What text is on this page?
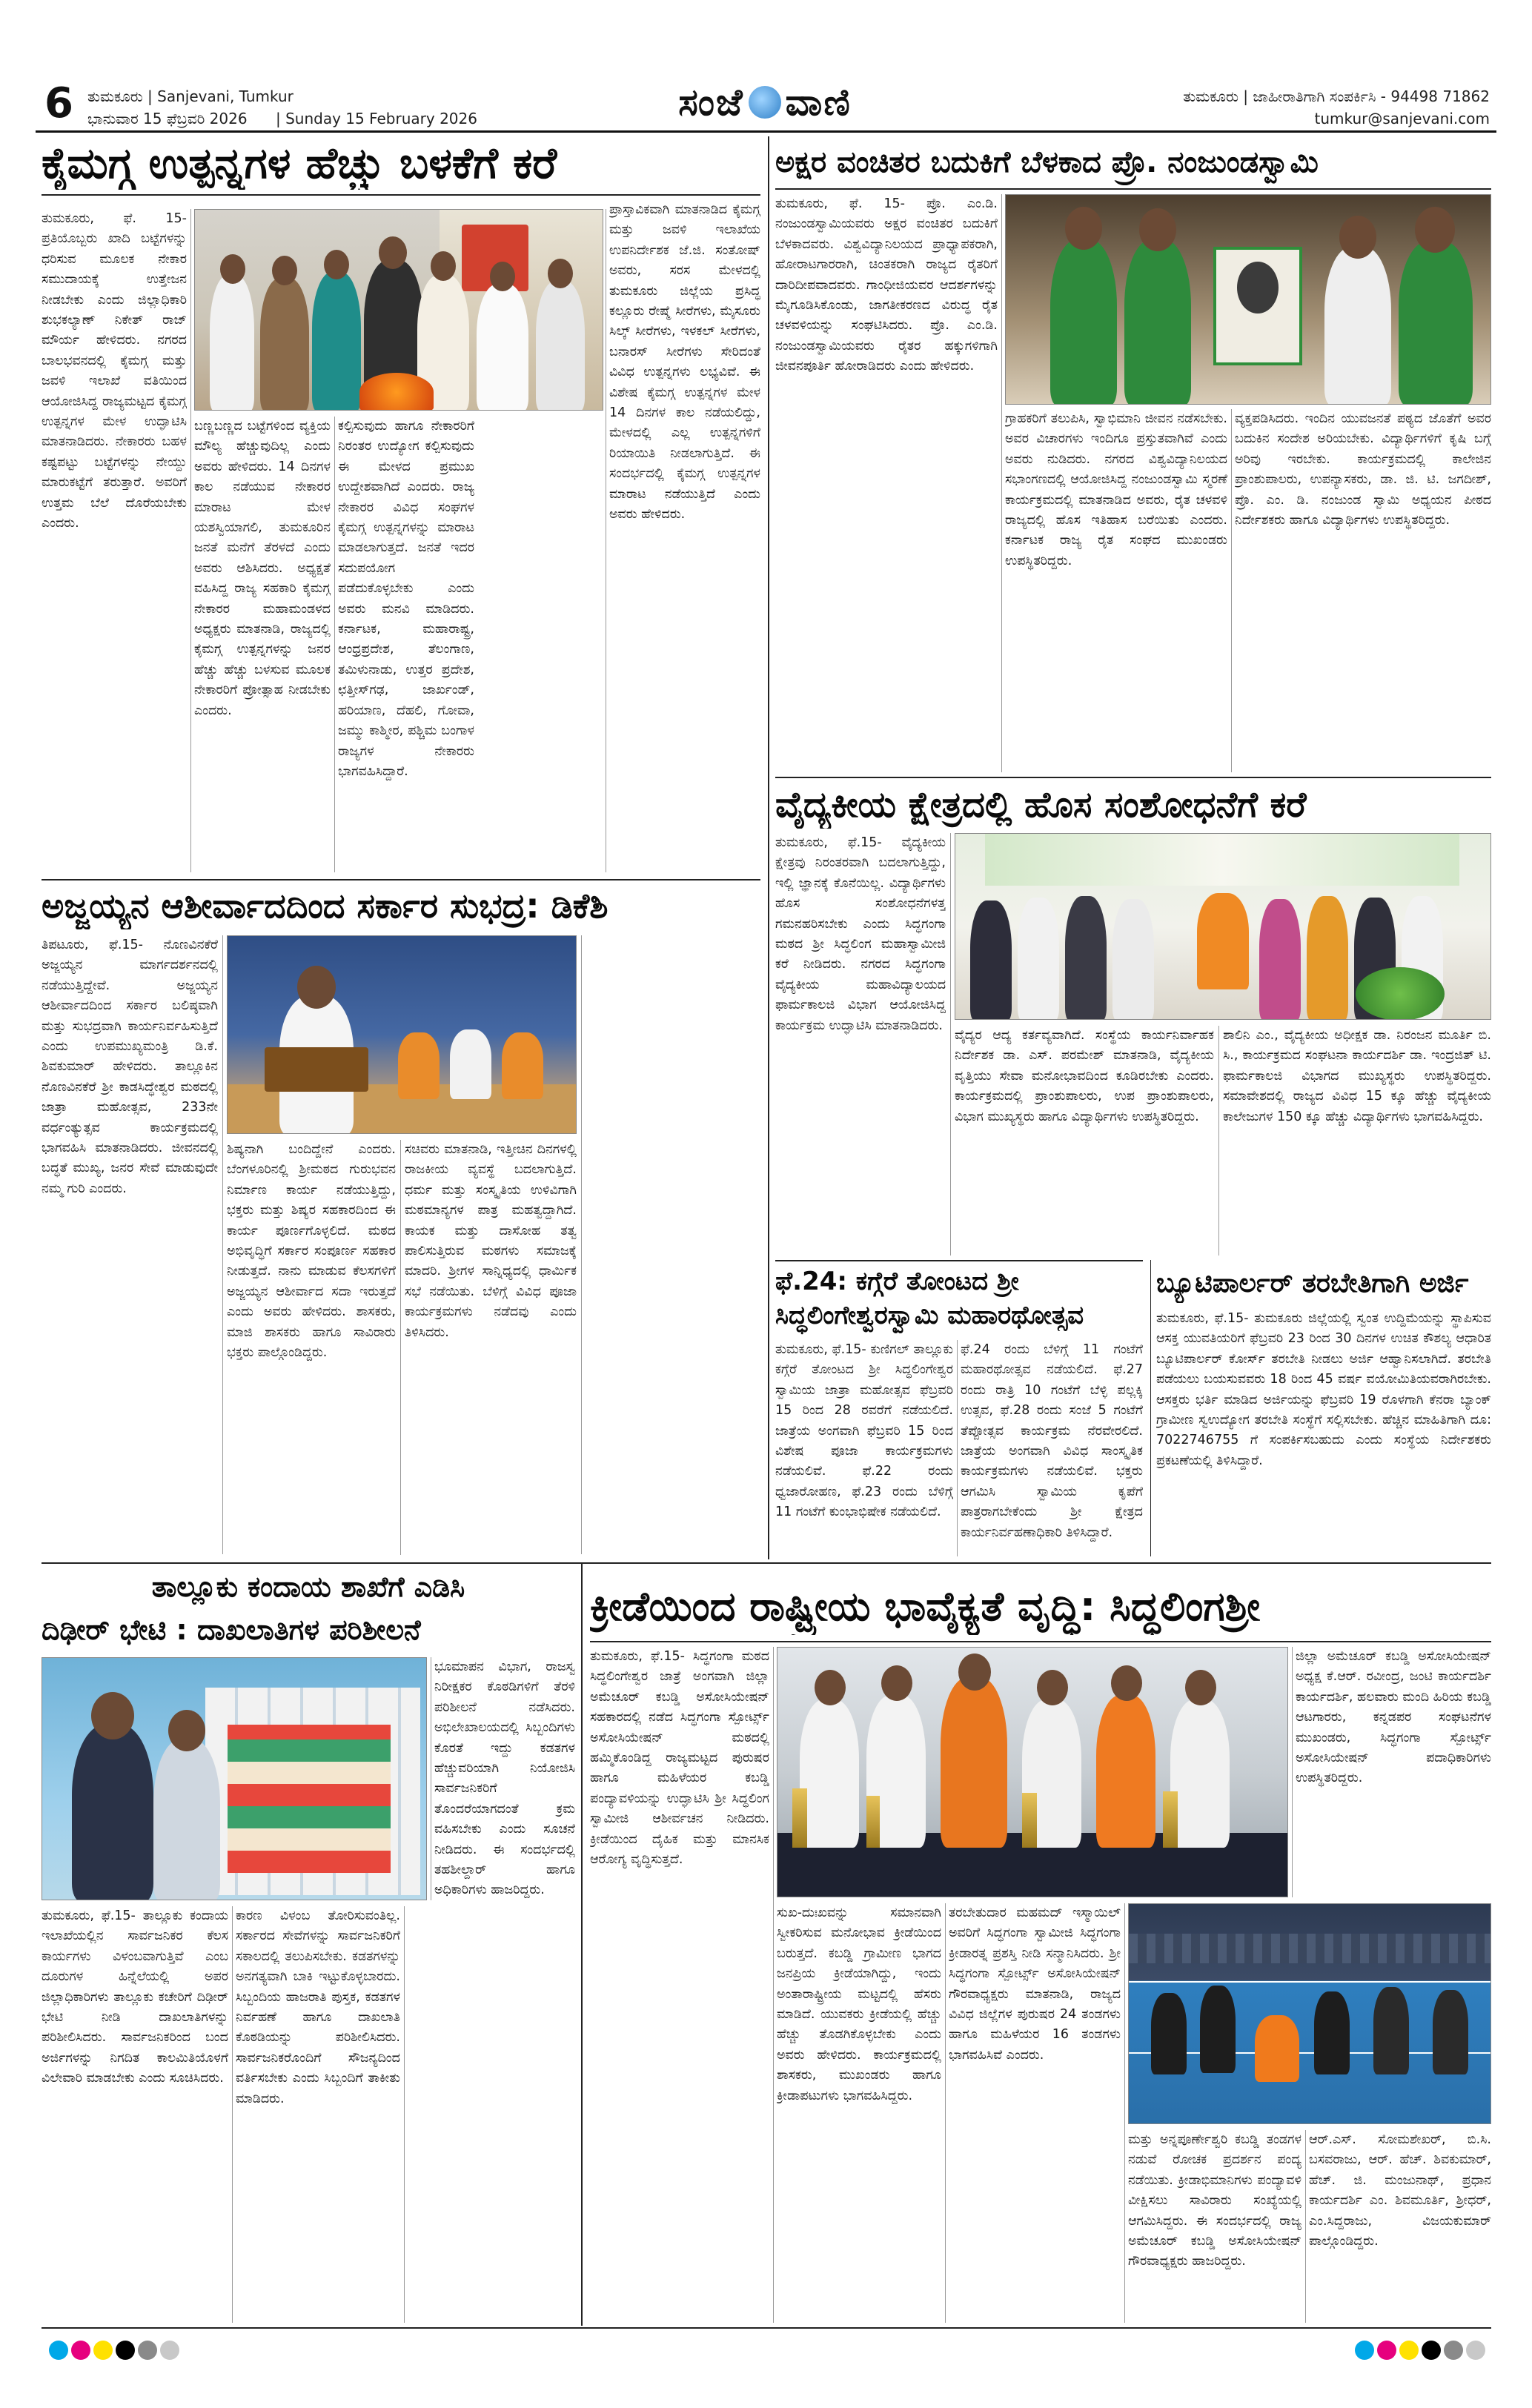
6 ತುಮಕೂರು | Sanjevani, Tumkur
ಭಾನುವಾರ 15 ಫೆಬ್ರವರಿ 2026 | Sunday 15 February 2026	ಸಂಜೆ ವಾಣಿ	ತುಮಕೂರು | ಜಾಹೀರಾತಿಗಾಗಿ ಸಂಪರ್ಕಿಸಿ - 94498 71862
tumkur@sanjevani.com
ಕೈಮಗ್ಗ ಉತ್ಪನ್ನಗಳ ಹೆಚ್ಚು ಬಳಕೆಗೆ ಕರೆ
ತುಮಕೂರು, ಫೆ. 15- ಪ್ರತಿಯೊಬ್ಬರು ಖಾದಿ ಬಟ್ಟೆಗಳನ್ನು ಧರಿಸುವ ಮೂಲಕ ನೇಕಾರ ಸಮುದಾಯಕ್ಕೆ ಉತ್ತೇಜನ ನೀಡಬೇಕು ಎಂದು ಜಿಲ್ಲಾಧಿಕಾರಿ ಶುಭಕಲ್ಯಾಣ್ ನಿಕೇತ್ ರಾಜ್ ಮೌರ್ಯ ಹೇಳಿದರು. ನಗರದ ಬಾಲಭವನದಲ್ಲಿ ಕೈಮಗ್ಗ ಮತ್ತು ಜವಳಿ ಇಲಾಖೆ ವತಿಯಿಂದ ಆಯೋಜಿಸಿದ್ದ ರಾಜ್ಯಮಟ್ಟದ ಕೈಮಗ್ಗ ಉತ್ಪನ್ನಗಳ ಮೇಳ ಉದ್ಘಾಟಿಸಿ ಮಾತನಾಡಿದರು. ನೇಕಾರರು ಬಹಳ ಕಷ್ಟಪಟ್ಟು ಬಟ್ಟೆಗಳನ್ನು ನೇಯ್ದು ಮಾರುಕಟ್ಟೆಗೆ ತರುತ್ತಾರೆ. ಅವರಿಗೆ ಉತ್ತಮ ಬೆಲೆ ದೊರೆಯಬೇಕು ಎಂದರು.
ಬಣ್ಣಬಣ್ಣದ ಬಟ್ಟೆಗಳಿಂದ ವ್ಯಕ್ತಿಯ ಮೌಲ್ಯ ಹೆಚ್ಚುವುದಿಲ್ಲ ಎಂದು ಅವರು ಹೇಳಿದರು. 14 ದಿನಗಳ ಕಾಲ ನಡೆಯುವ ನೇಕಾರರ ಮಾರಾಟ ಮೇಳ ಯಶಸ್ವಿಯಾಗಲಿ, ತುಮಕೂರಿನ ಜನತೆ ಮನೆಗೆ ತೆರಳದೆ ಎಂದು ಅವರು ಆಶಿಸಿದರು. ಅಧ್ಯಕ್ಷತೆ ವಹಿಸಿದ್ದ ರಾಜ್ಯ ಸಹಕಾರಿ ಕೈಮಗ್ಗ ನೇಕಾರರ ಮಹಾಮಂಡಳದ ಅಧ್ಯಕ್ಷರು ಮಾತನಾಡಿ, ರಾಜ್ಯದಲ್ಲಿ ಕೈಮಗ್ಗ ಉತ್ಪನ್ನಗಳನ್ನು ಜನರ ಹೆಚ್ಚು ಹೆಚ್ಚು ಬಳಸುವ ಮೂಲಕ ನೇಕಾರರಿಗೆ ಪ್ರೋತ್ಸಾಹ ನೀಡಬೇಕು ಎಂದರು.
ಕಲ್ಪಿಸುವುದು ಹಾಗೂ ನೇಕಾರರಿಗೆ ನಿರಂತರ ಉದ್ಯೋಗ ಕಲ್ಪಿಸುವುದು ಈ ಮೇಳದ ಪ್ರಮುಖ ಉದ್ದೇಶವಾಗಿದೆ ಎಂದರು. ರಾಜ್ಯ ನೇಕಾರರ ವಿವಿಧ ಸಂಘಗಳ ಕೈಮಗ್ಗ ಉತ್ಪನ್ನಗಳನ್ನು ಮಾರಾಟ ಮಾಡಲಾಗುತ್ತದೆ. ಜನತೆ ಇದರ ಸದುಪಯೋಗ ಪಡೆದುಕೊಳ್ಳಬೇಕು ಎಂದು ಅವರು ಮನವಿ ಮಾಡಿದರು. ಕರ್ನಾಟಕ, ಮಹಾರಾಷ್ಟ್ರ, ಆಂಧ್ರಪ್ರದೇಶ, ತೆಲಂಗಾಣ, ತಮಿಳುನಾಡು, ಉತ್ತರ ಪ್ರದೇಶ, ಛತ್ತೀಸ್‌ಗಢ, ಜಾರ್ಖಂಡ್, ಹರಿಯಾಣ, ದೆಹಲಿ, ಗೋವಾ, ಜಮ್ಮು ಕಾಶ್ಮೀರ, ಪಶ್ಚಿಮ ಬಂಗಾಳ ರಾಜ್ಯಗಳ ನೇಕಾರರು ಭಾಗವಹಿಸಿದ್ದಾರೆ.
ಪ್ರಾಸ್ತಾವಿಕವಾಗಿ ಮಾತನಾಡಿದ ಕೈಮಗ್ಗ ಮತ್ತು ಜವಳಿ ಇಲಾಖೆಯ ಉಪನಿರ್ದೇಶಕ ಜೆ.ಜಿ. ಸಂತೋಷ್ ಅವರು, ಸರಸ ಮೇಳದಲ್ಲಿ ತುಮಕೂರು ಜಿಲ್ಲೆಯ ಪ್ರಸಿದ್ಧ ಕಲ್ಲೂರು ರೇಷ್ಮೆ ಸೀರೆಗಳು, ಮೈಸೂರು ಸಿಲ್ಕ್ ಸೀರೆಗಳು, ಇಳಕಲ್ ಸೀರೆಗಳು, ಬನಾರಸ್ ಸೀರೆಗಳು ಸೇರಿದಂತೆ ವಿವಿಧ ಉತ್ಪನ್ನಗಳು ಲಭ್ಯವಿವೆ. ಈ ವಿಶೇಷ ಕೈಮಗ್ಗ ಉತ್ಪನ್ನಗಳ ಮೇಳ 14 ದಿನಗಳ ಕಾಲ ನಡೆಯಲಿದ್ದು, ಮೇಳದಲ್ಲಿ ಎಲ್ಲ ಉತ್ಪನ್ನಗಳಿಗೆ ರಿಯಾಯಿತಿ ನೀಡಲಾಗುತ್ತಿದೆ. ಈ ಸಂದರ್ಭದಲ್ಲಿ ಕೈಮಗ್ಗ ಉತ್ಪನ್ನಗಳ ಮಾರಾಟ ನಡೆಯುತ್ತಿದೆ ಎಂದು ಅವರು ಹೇಳಿದರು.
ಅಕ್ಷರ ವಂಚಿತರ ಬದುಕಿಗೆ ಬೆಳಕಾದ ಪ್ರೊ. ನಂಜುಂಡಸ್ವಾಮಿ
ತುಮಕೂರು, ಫೆ. 15- ಪ್ರೊ. ಎಂ.ಡಿ. ನಂಜುಂಡಸ್ವಾಮಿಯವರು ಅಕ್ಷರ ವಂಚಿತರ ಬದುಕಿಗೆ ಬೆಳಕಾದವರು. ವಿಶ್ವವಿದ್ಯಾನಿಲಯದ ಪ್ರಾಧ್ಯಾಪಕರಾಗಿ, ಹೋರಾಟಗಾರರಾಗಿ, ಚಿಂತಕರಾಗಿ ರಾಜ್ಯದ ರೈತರಿಗೆ ದಾರಿದೀಪವಾದವರು. ಗಾಂಧೀಜಿಯವರ ಆದರ್ಶಗಳನ್ನು ಮೈಗೂಡಿಸಿಕೊಂಡು, ಜಾಗತೀಕರಣದ ವಿರುದ್ಧ ರೈತ ಚಳವಳಿಯನ್ನು ಸಂಘಟಿಸಿದರು. ಪ್ರೊ. ಎಂ.ಡಿ. ನಂಜುಂಡಸ್ವಾಮಿಯವರು ರೈತರ ಹಕ್ಕುಗಳಿಗಾಗಿ ಜೀವನಪೂರ್ತಿ ಹೋರಾಡಿದರು ಎಂದು ಹೇಳಿದರು.
ಗ್ರಾಹಕರಿಗೆ ತಲುಪಿಸಿ, ಸ್ವಾಭಿಮಾನಿ ಜೀವನ ನಡೆಸಬೇಕು. ಅವರ ವಿಚಾರಗಳು ಇಂದಿಗೂ ಪ್ರಸ್ತುತವಾಗಿವೆ ಎಂದು ಅವರು ನುಡಿದರು. ನಗರದ ವಿಶ್ವವಿದ್ಯಾನಿಲಯದ ಸಭಾಂಗಣದಲ್ಲಿ ಆಯೋಜಿಸಿದ್ದ ನಂಜುಂಡಸ್ವಾಮಿ ಸ್ಮರಣೆ ಕಾರ್ಯಕ್ರಮದಲ್ಲಿ ಮಾತನಾಡಿದ ಅವರು, ರೈತ ಚಳವಳಿ ರಾಜ್ಯದಲ್ಲಿ ಹೊಸ ಇತಿಹಾಸ ಬರೆಯಿತು ಎಂದರು. ಕರ್ನಾಟಕ ರಾಜ್ಯ ರೈತ ಸಂಘದ ಮುಖಂಡರು ಉಪಸ್ಥಿತರಿದ್ದರು.
ವ್ಯಕ್ತಪಡಿಸಿದರು. ಇಂದಿನ ಯುವಜನತೆ ಪಠ್ಯದ ಜೊತೆಗೆ ಅವರ ಬದುಕಿನ ಸಂದೇಶ ಅರಿಯಬೇಕು. ವಿದ್ಯಾರ್ಥಿಗಳಿಗೆ ಕೃಷಿ ಬಗ್ಗೆ ಅರಿವು ಇರಬೇಕು. ಕಾರ್ಯಕ್ರಮದಲ್ಲಿ ಕಾಲೇಜಿನ ಪ್ರಾಂಶುಪಾಲರು, ಉಪನ್ಯಾಸಕರು, ಡಾ. ಜಿ. ಟಿ. ಜಗದೀಶ್, ಪ್ರೊ. ಎಂ. ಡಿ. ನಂಜುಂಡ ಸ್ವಾಮಿ ಅಧ್ಯಯನ ಪೀಠದ ನಿರ್ದೇಶಕರು ಹಾಗೂ ವಿದ್ಯಾರ್ಥಿಗಳು ಉಪಸ್ಥಿತರಿದ್ದರು.
ವೈದ್ಯಕೀಯ ಕ್ಷೇತ್ರದಲ್ಲಿ ಹೊಸ ಸಂಶೋಧನೆಗೆ ಕರೆ
ತುಮಕೂರು, ಫೆ.15- ವೈದ್ಯಕೀಯ ಕ್ಷೇತ್ರವು ನಿರಂತರವಾಗಿ ಬದಲಾಗುತ್ತಿದ್ದು, ಇಲ್ಲಿ ಜ್ಞಾನಕ್ಕೆ ಕೊನೆಯಿಲ್ಲ. ವಿದ್ಯಾರ್ಥಿಗಳು ಹೊಸ ಸಂಶೋಧನೆಗಳತ್ತ ಗಮನಹರಿಸಬೇಕು ಎಂದು ಸಿದ್ಧಗಂಗಾ ಮಠದ ಶ್ರೀ ಸಿದ್ಧಲಿಂಗ ಮಹಾಸ್ವಾಮೀಜಿ ಕರೆ ನೀಡಿದರು. ನಗರದ ಸಿದ್ಧಗಂಗಾ ವೈದ್ಯಕೀಯ ಮಹಾವಿದ್ಯಾಲಯದ ಫಾರ್ಮಕಾಲಜಿ ವಿಭಾಗ ಆಯೋಜಿಸಿದ್ದ ಕಾರ್ಯಕ್ರಮ ಉದ್ಘಾಟಿಸಿ ಮಾತನಾಡಿದರು.
ವೈದ್ಯರ ಆದ್ಯ ಕರ್ತವ್ಯವಾಗಿದೆ. ಸಂಸ್ಥೆಯ ಕಾರ್ಯನಿರ್ವಾಹಕ ನಿರ್ದೇಶಕ ಡಾ. ಎಸ್. ಪರಮೇಶ್ ಮಾತನಾಡಿ, ವೈದ್ಯಕೀಯ ವೃತ್ತಿಯು ಸೇವಾ ಮನೋಭಾವದಿಂದ ಕೂಡಿರಬೇಕು ಎಂದರು. ಕಾರ್ಯಕ್ರಮದಲ್ಲಿ ಪ್ರಾಂಶುಪಾಲರು, ಉಪ ಪ್ರಾಂಶುಪಾಲರು, ವಿಭಾಗ ಮುಖ್ಯಸ್ಥರು ಹಾಗೂ ವಿದ್ಯಾರ್ಥಿಗಳು ಉಪಸ್ಥಿತರಿದ್ದರು.
ಶಾಲಿನಿ ಎಂ., ವೈದ್ಯಕೀಯ ಅಧೀಕ್ಷಕ ಡಾ. ನಿರಂಜನ ಮೂರ್ತಿ ಬಿ. ಸಿ., ಕಾರ್ಯಕ್ರಮದ ಸಂಘಟನಾ ಕಾರ್ಯದರ್ಶಿ ಡಾ. ಇಂದ್ರಜಿತ್ ಟಿ. ಫಾರ್ಮಕಾಲಜಿ ವಿಭಾಗದ ಮುಖ್ಯಸ್ಥರು ಉಪಸ್ಥಿತರಿದ್ದರು. ಸಮಾವೇಶದಲ್ಲಿ ರಾಜ್ಯದ ವಿವಿಧ 15 ಕ್ಕೂ ಹೆಚ್ಚು ವೈದ್ಯಕೀಯ ಕಾಲೇಜುಗಳ 150 ಕ್ಕೂ ಹೆಚ್ಚು ವಿದ್ಯಾರ್ಥಿಗಳು ಭಾಗವಹಿಸಿದ್ದರು.
ಅಜ್ಜಯ್ಯನ ಆಶೀರ್ವಾದದಿಂದ ಸರ್ಕಾರ ಸುಭದ್ರ: ಡಿಕೆಶಿ
ತಿಪಟೂರು, ಫೆ.15- ನೊಣವಿನಕೆರೆ ಅಜ್ಜಯ್ಯನ ಮಾರ್ಗದರ್ಶನದಲ್ಲಿ ನಡೆಯುತ್ತಿದ್ದೇವೆ. ಅಜ್ಜಯ್ಯನ ಆಶೀರ್ವಾದದಿಂದ ಸರ್ಕಾರ ಬಲಿಷ್ಠವಾಗಿ ಮತ್ತು ಸುಭದ್ರವಾಗಿ ಕಾರ್ಯನಿರ್ವಹಿಸುತ್ತಿದೆ ಎಂದು ಉಪಮುಖ್ಯಮಂತ್ರಿ ಡಿ.ಕೆ. ಶಿವಕುಮಾರ್ ಹೇಳಿದರು. ತಾಲ್ಲೂಕಿನ ನೊಣವಿನಕೆರೆ ಶ್ರೀ ಕಾಡಸಿದ್ಧೇಶ್ವರ ಮಠದಲ್ಲಿ ಜಾತ್ರಾ ಮಹೋತ್ಸವ, 233ನೇ ವರ್ಧಂತ್ಯುತ್ಸವ ಕಾರ್ಯಕ್ರಮದಲ್ಲಿ ಭಾಗವಹಿಸಿ ಮಾತನಾಡಿದರು. ಜೀವನದಲ್ಲಿ ಬದ್ಧತೆ ಮುಖ್ಯ, ಜನರ ಸೇವೆ ಮಾಡುವುದೇ ನಮ್ಮ ಗುರಿ ಎಂದರು.
ಶಿಷ್ಯನಾಗಿ ಬಂದಿದ್ದೇನೆ ಎಂದರು. ಬೆಂಗಳೂರಿನಲ್ಲಿ ಶ್ರೀಮಠದ ಗುರುಭವನ ನಿರ್ಮಾಣ ಕಾರ್ಯ ನಡೆಯುತ್ತಿದ್ದು, ಭಕ್ತರು ಮತ್ತು ಶಿಷ್ಯರ ಸಹಕಾರದಿಂದ ಈ ಕಾರ್ಯ ಪೂರ್ಣಗೊಳ್ಳಲಿದೆ. ಮಠದ ಅಭಿವೃದ್ಧಿಗೆ ಸರ್ಕಾರ ಸಂಪೂರ್ಣ ಸಹಕಾರ ನೀಡುತ್ತದೆ. ನಾನು ಮಾಡುವ ಕೆಲಸಗಳಿಗೆ ಅಜ್ಜಯ್ಯನ ಆಶೀರ್ವಾದ ಸದಾ ಇರುತ್ತದೆ ಎಂದು ಅವರು ಹೇಳಿದರು. ಶಾಸಕರು, ಮಾಜಿ ಶಾಸಕರು ಹಾಗೂ ಸಾವಿರಾರು ಭಕ್ತರು ಪಾಲ್ಗೊಂಡಿದ್ದರು.
ಸಚಿವರು ಮಾತನಾಡಿ, ಇತ್ತೀಚಿನ ದಿನಗಳಲ್ಲಿ ರಾಜಕೀಯ ವ್ಯವಸ್ಥೆ ಬದಲಾಗುತ್ತಿದೆ. ಧರ್ಮ ಮತ್ತು ಸಂಸ್ಕೃತಿಯ ಉಳಿವಿಗಾಗಿ ಮಠಮಾನ್ಯಗಳ ಪಾತ್ರ ಮಹತ್ವದ್ದಾಗಿದೆ. ಕಾಯಕ ಮತ್ತು ದಾಸೋಹ ತತ್ವ ಪಾಲಿಸುತ್ತಿರುವ ಮಠಗಳು ಸಮಾಜಕ್ಕೆ ಮಾದರಿ. ಶ್ರೀಗಳ ಸಾನ್ನಿಧ್ಯದಲ್ಲಿ ಧಾರ್ಮಿಕ ಸಭೆ ನಡೆಯಿತು. ಬೆಳಿಗ್ಗೆ ವಿವಿಧ ಪೂಜಾ ಕಾರ್ಯಕ್ರಮಗಳು ನಡೆದವು ಎಂದು ತಿಳಿಸಿದರು.
ಫೆ.24: ಕಗ್ಗೆರೆ ತೋಂಟದ ಶ್ರೀ ಸಿದ್ಧಲಿಂಗೇಶ್ವರಸ್ವಾಮಿ ಮಹಾರಥೋತ್ಸವ
ತುಮಕೂರು, ಫೆ.15- ಕುಣಿಗಲ್ ತಾಲ್ಲೂಕು ಕಗ್ಗೆರೆ ತೋಂಟದ ಶ್ರೀ ಸಿದ್ಧಲಿಂಗೇಶ್ವರ ಸ್ವಾಮಿಯ ಜಾತ್ರಾ ಮಹೋತ್ಸವ ಫೆಬ್ರವರಿ 15 ರಿಂದ 28 ರವರೆಗೆ ನಡೆಯಲಿದೆ. ಜಾತ್ರೆಯ ಅಂಗವಾಗಿ ಫೆಬ್ರವರಿ 15 ರಿಂದ ವಿಶೇಷ ಪೂಜಾ ಕಾರ್ಯಕ್ರಮಗಳು ನಡೆಯಲಿವೆ. ಫೆ.22 ರಂದು ಧ್ವಜಾರೋಹಣ, ಫೆ.23 ರಂದು ಬೆಳಿಗ್ಗೆ 11 ಗಂಟೆಗೆ ಕುಂಭಾಭಿಷೇಕ ನಡೆಯಲಿದೆ.
ಫೆ.24 ರಂದು ಬೆಳಿಗ್ಗೆ 11 ಗಂಟೆಗೆ ಮಹಾರಥೋತ್ಸವ ನಡೆಯಲಿದೆ. ಫೆ.27 ರಂದು ರಾತ್ರಿ 10 ಗಂಟೆಗೆ ಬೆಳ್ಳಿ ಪಲ್ಲಕ್ಕಿ ಉತ್ಸವ, ಫೆ.28 ರಂದು ಸಂಜೆ 5 ಗಂಟೆಗೆ ತೆಪ್ಪೋತ್ಸವ ಕಾರ್ಯಕ್ರಮ ನೆರವೇರಲಿದೆ. ಜಾತ್ರೆಯ ಅಂಗವಾಗಿ ವಿವಿಧ ಸಾಂಸ್ಕೃತಿಕ ಕಾರ್ಯಕ್ರಮಗಳು ನಡೆಯಲಿವೆ. ಭಕ್ತರು ಆಗಮಿಸಿ ಸ್ವಾಮಿಯ ಕೃಪೆಗೆ ಪಾತ್ರರಾಗಬೇಕೆಂದು ಶ್ರೀ ಕ್ಷೇತ್ರದ ಕಾರ್ಯನಿರ್ವಹಣಾಧಿಕಾರಿ ತಿಳಿಸಿದ್ದಾರೆ.
ಬ್ಯೂಟಿಪಾರ್ಲರ್ ತರಬೇತಿಗಾಗಿ ಅರ್ಜಿ
ತುಮಕೂರು, ಫೆ.15- ತುಮಕೂರು ಜಿಲ್ಲೆಯಲ್ಲಿ ಸ್ವಂತ ಉದ್ದಿಮೆಯನ್ನು ಸ್ಥಾಪಿಸುವ ಆಸಕ್ತ ಯುವತಿಯರಿಗೆ ಫೆಬ್ರವರಿ 23 ರಿಂದ 30 ದಿನಗಳ ಉಚಿತ ಕೌಶಲ್ಯ ಆಧಾರಿತ ಬ್ಯೂಟಿಪಾರ್ಲರ್ ಕೋರ್ಸ್ ತರಬೇತಿ ನೀಡಲು ಅರ್ಜಿ ಆಹ್ವಾನಿಸಲಾಗಿದೆ. ತರಬೇತಿ ಪಡೆಯಲು ಬಯಸುವವರು 18 ರಿಂದ 45 ವರ್ಷ ವಯೋಮಿತಿಯವರಾಗಿರಬೇಕು. ಆಸಕ್ತರು ಭರ್ತಿ ಮಾಡಿದ ಅರ್ಜಿಯನ್ನು ಫೆಬ್ರವರಿ 19 ರೊಳಗಾಗಿ ಕೆನರಾ ಬ್ಯಾಂಕ್ ಗ್ರಾಮೀಣ ಸ್ವಉದ್ಯೋಗ ತರಬೇತಿ ಸಂಸ್ಥೆಗೆ ಸಲ್ಲಿಸಬೇಕು. ಹೆಚ್ಚಿನ ಮಾಹಿತಿಗಾಗಿ ದೂ: 7022746755 ಗೆ ಸಂಪರ್ಕಿಸಬಹುದು ಎಂದು ಸಂಸ್ಥೆಯ ನಿರ್ದೇಶಕರು ಪ್ರಕಟಣೆಯಲ್ಲಿ ತಿಳಿಸಿದ್ದಾರೆ.
ತಾಲ್ಲೂಕು ಕಂದಾಯ ಶಾಖೆಗೆ ಎಡಿಸಿ
ದಿಢೀರ್ ಭೇಟಿ : ದಾಖಲಾತಿಗಳ ಪರಿಶೀಲನೆ
ಭೂಮಾಪನ ವಿಭಾಗ, ರಾಜಸ್ವ ನಿರೀಕ್ಷಕರ ಕೊಠಡಿಗಳಿಗೆ ತೆರಳಿ ಪರಿಶೀಲನೆ ನಡೆಸಿದರು. ಅಭಿಲೇಖಾಲಯದಲ್ಲಿ ಸಿಬ್ಬಂದಿಗಳು ಕೊರತೆ ಇದ್ದು ಕಡತಗಳ ಹೆಚ್ಚುವರಿಯಾಗಿ ನಿಯೋಜಿಸಿ ಸಾರ್ವಜನಿಕರಿಗೆ ತೊಂದರೆಯಾಗದಂತೆ ಕ್ರಮ ವಹಿಸಬೇಕು ಎಂದು ಸೂಚನೆ ನೀಡಿದರು. ಈ ಸಂದರ್ಭದಲ್ಲಿ ತಹಶೀಲ್ದಾರ್ ಹಾಗೂ ಅಧಿಕಾರಿಗಳು ಹಾಜರಿದ್ದರು.
ತುಮಕೂರು, ಫೆ.15- ತಾಲ್ಲೂಕು ಕಂದಾಯ ಇಲಾಖೆಯಲ್ಲಿನ ಸಾರ್ವಜನಿಕರ ಕೆಲಸ ಕಾರ್ಯಗಳು ವಿಳಂಬವಾಗುತ್ತಿವೆ ಎಂಬ ದೂರುಗಳ ಹಿನ್ನೆಲೆಯಲ್ಲಿ ಅಪರ ಜಿಲ್ಲಾಧಿಕಾರಿಗಳು ತಾಲ್ಲೂಕು ಕಚೇರಿಗೆ ದಿಢೀರ್ ಭೇಟಿ ನೀಡಿ ದಾಖಲಾತಿಗಳನ್ನು ಪರಿಶೀಲಿಸಿದರು. ಸಾರ್ವಜನಿಕರಿಂದ ಬಂದ ಅರ್ಜಿಗಳನ್ನು ನಿಗದಿತ ಕಾಲಮಿತಿಯೊಳಗೆ ವಿಲೇವಾರಿ ಮಾಡಬೇಕು ಎಂದು ಸೂಚಿಸಿದರು.
ಕಾರಣ ವಿಳಂಬ ತೋರಿಸುವಂತಿಲ್ಲ. ಸರ್ಕಾರದ ಸೇವೆಗಳನ್ನು ಸಾರ್ವಜನಿಕರಿಗೆ ಸಕಾಲದಲ್ಲಿ ತಲುಪಿಸಬೇಕು. ಕಡತಗಳನ್ನು ಅನಗತ್ಯವಾಗಿ ಬಾಕಿ ಇಟ್ಟುಕೊಳ್ಳಬಾರದು. ಸಿಬ್ಬಂದಿಯ ಹಾಜರಾತಿ ಪುಸ್ತಕ, ಕಡತಗಳ ನಿರ್ವಹಣೆ ಹಾಗೂ ದಾಖಲಾತಿ ಕೊಠಡಿಯನ್ನು ಪರಿಶೀಲಿಸಿದರು. ಸಾರ್ವಜನಿಕರೊಂದಿಗೆ ಸೌಜನ್ಯದಿಂದ ವರ್ತಿಸಬೇಕು ಎಂದು ಸಿಬ್ಬಂದಿಗೆ ತಾಕೀತು ಮಾಡಿದರು.
ಕ್ರೀಡೆಯಿಂದ ರಾಷ್ಟ್ರೀಯ ಭಾವೈಕ್ಯತೆ ವೃದ್ಧಿ: ಸಿದ್ಧಲಿಂಗಶ್ರೀ
ತುಮಕೂರು, ಫೆ.15- ಸಿದ್ಧಗಂಗಾ ಮಠದ ಸಿದ್ಧಲಿಂಗೇಶ್ವರ ಜಾತ್ರೆ ಅಂಗವಾಗಿ ಜಿಲ್ಲಾ ಅಮೆಚೂರ್ ಕಬಡ್ಡಿ ಅಸೋಸಿಯೇಷನ್ ಸಹಕಾರದಲ್ಲಿ ನಡೆದ ಸಿದ್ಧಗಂಗಾ ಸ್ಪೋರ್ಟ್ಸ್ ಅಸೋಸಿಯೇಷನ್ ಮಠದಲ್ಲಿ ಹಮ್ಮಿಕೊಂಡಿದ್ದ ರಾಜ್ಯಮಟ್ಟದ ಪುರುಷರ ಹಾಗೂ ಮಹಿಳೆಯರ ಕಬಡ್ಡಿ ಪಂದ್ಯಾವಳಿಯನ್ನು ಉದ್ಘಾಟಿಸಿ ಶ್ರೀ ಸಿದ್ಧಲಿಂಗ ಸ್ವಾಮೀಜಿ ಆಶೀರ್ವಚನ ನೀಡಿದರು. ಕ್ರೀಡೆಯಿಂದ ದೈಹಿಕ ಮತ್ತು ಮಾನಸಿಕ ಆರೋಗ್ಯ ವೃದ್ಧಿಸುತ್ತದೆ.
ಜಿಲ್ಲಾ ಅಮೆಚೂರ್ ಕಬಡ್ಡಿ ಅಸೋಸಿಯೇಷನ್ ಅಧ್ಯಕ್ಷ ಕೆ.ಆರ್. ರವೀಂದ್ರ, ಜಂಟಿ ಕಾರ್ಯದರ್ಶಿ ಕಾರ್ಯದರ್ಶಿ, ಹಲವಾರು ಮಂದಿ ಹಿರಿಯ ಕಬಡ್ಡಿ ಆಟಗಾರರು, ಕನ್ನಡಪರ ಸಂಘಟನೆಗಳ ಮುಖಂಡರು, ಸಿದ್ಧಗಂಗಾ ಸ್ಪೋರ್ಟ್ಸ್ ಅಸೋಸಿಯೇಷನ್ ಪದಾಧಿಕಾರಿಗಳು ಉಪಸ್ಥಿತರಿದ್ದರು.
ಸುಖ-ದುಃಖವನ್ನು ಸಮಾನವಾಗಿ ಸ್ವೀಕರಿಸುವ ಮನೋಭಾವ ಕ್ರೀಡೆಯಿಂದ ಬರುತ್ತದೆ. ಕಬಡ್ಡಿ ಗ್ರಾಮೀಣ ಭಾಗದ ಜನಪ್ರಿಯ ಕ್ರೀಡೆಯಾಗಿದ್ದು, ಇಂದು ಅಂತಾರಾಷ್ಟ್ರೀಯ ಮಟ್ಟದಲ್ಲಿ ಹೆಸರು ಮಾಡಿದೆ. ಯುವಕರು ಕ್ರೀಡೆಯಲ್ಲಿ ಹೆಚ್ಚು ಹೆಚ್ಚು ತೊಡಗಿಕೊಳ್ಳಬೇಕು ಎಂದು ಅವರು ಹೇಳಿದರು. ಕಾರ್ಯಕ್ರಮದಲ್ಲಿ ಶಾಸಕರು, ಮುಖಂಡರು ಹಾಗೂ ಕ್ರೀಡಾಪಟುಗಳು ಭಾಗವಹಿಸಿದ್ದರು.
ತರಬೇತುದಾರ ಮಹಮದ್ ಇಸ್ಮಾಯಿಲ್ ಅವರಿಗೆ ಸಿದ್ಧಗಂಗಾ ಸ್ವಾಮೀಜಿ ಸಿದ್ಧಗಂಗಾ ಕ್ರೀಡಾರತ್ನ ಪ್ರಶಸ್ತಿ ನೀಡಿ ಸನ್ಮಾನಿಸಿದರು. ಶ್ರೀ ಸಿದ್ಧಗಂಗಾ ಸ್ಪೋರ್ಟ್ಸ್ ಅಸೋಸಿಯೇಷನ್ ಗೌರವಾಧ್ಯಕ್ಷರು ಮಾತನಾಡಿ, ರಾಜ್ಯದ ವಿವಿಧ ಜಿಲ್ಲೆಗಳ ಪುರುಷರ 24 ತಂಡಗಳು ಹಾಗೂ ಮಹಿಳೆಯರ 16 ತಂಡಗಳು ಭಾಗವಹಿಸಿವೆ ಎಂದರು.
ಮತ್ತು ಅನ್ನಪೂರ್ಣೇಶ್ವರಿ ಕಬಡ್ಡಿ ತಂಡಗಳ ನಡುವೆ ರೋಚಕ ಪ್ರದರ್ಶನ ಪಂದ್ಯ ನಡೆಯಿತು. ಕ್ರೀಡಾಭಿಮಾನಿಗಳು ಪಂದ್ಯಾವಳಿ ವೀಕ್ಷಿಸಲು ಸಾವಿರಾರು ಸಂಖ್ಯೆಯಲ್ಲಿ ಆಗಮಿಸಿದ್ದರು. ಈ ಸಂದರ್ಭದಲ್ಲಿ ರಾಜ್ಯ ಅಮೆಚೂರ್ ಕಬಡ್ಡಿ ಅಸೋಸಿಯೇಷನ್ ಗೌರವಾಧ್ಯಕ್ಷರು ಹಾಜರಿದ್ದರು.
ಆರ್.ಎಸ್. ಸೋಮಶೇಖರ್, ಬಿ.ಸಿ. ಬಸವರಾಜು, ಆರ್. ಹೆಚ್. ಶಿವಕುಮಾರ್, ಹೆಚ್. ಜಿ. ಮಂಜುನಾಥ್, ಪ್ರಧಾನ ಕಾರ್ಯದರ್ಶಿ ಎಂ. ಶಿವಮೂರ್ತಿ, ಶ್ರೀಧರ್, ಎಂ.ಸಿದ್ದರಾಜು, ವಿಜಯಕುಮಾರ್ ಪಾಲ್ಗೊಂಡಿದ್ದರು.
